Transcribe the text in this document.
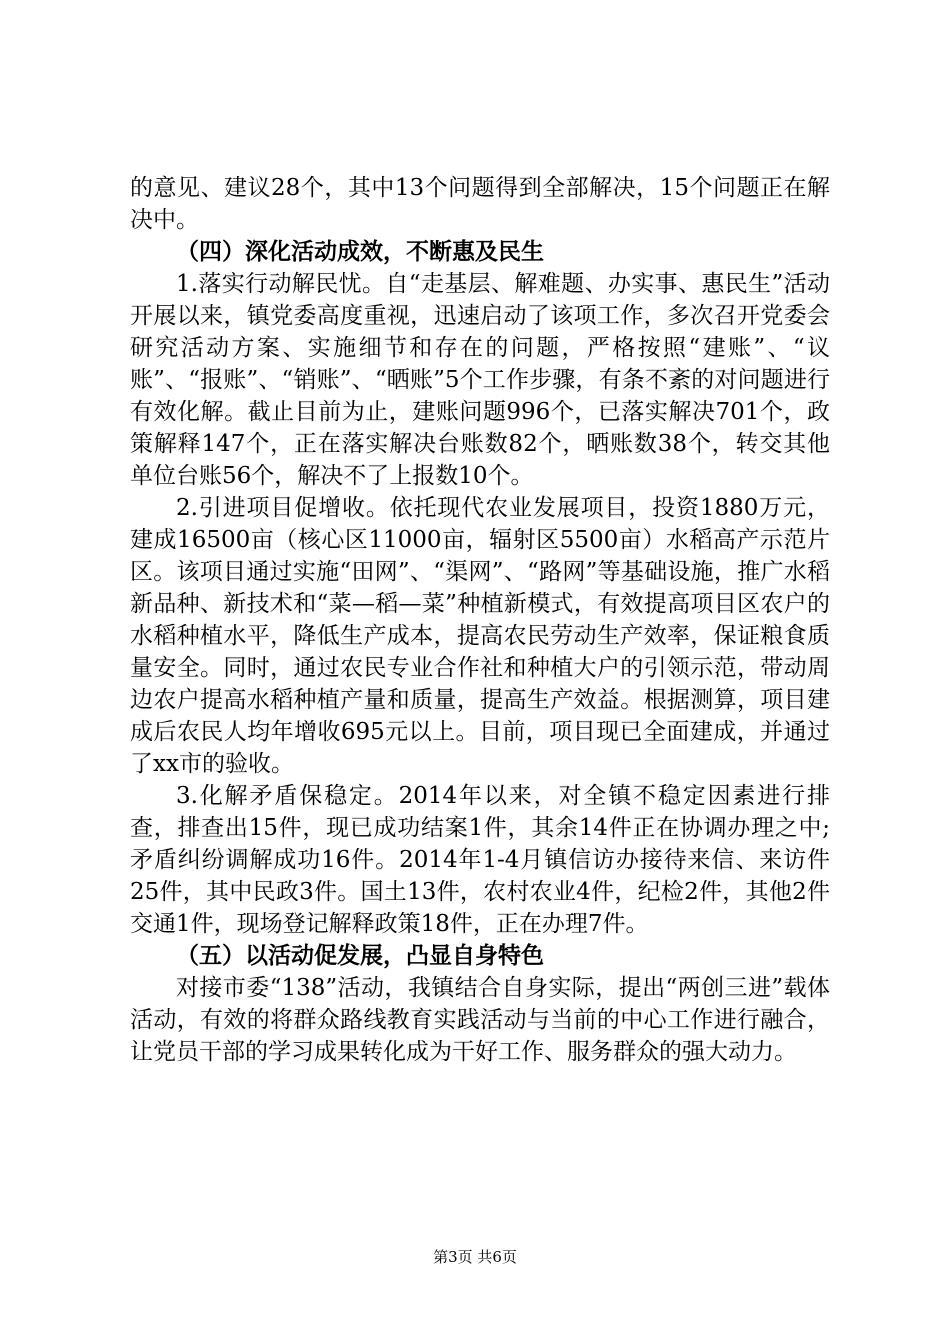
的意见、建议28个，其中13个问题得到全部解决，15个问题正在解决中。

（四）深化活动成效，不断惠及民生

1.落实行动解民忧。自“走基层、解难题、办实事、惠民生”活动开展以来，镇党委高度重视，迅速启动了该项工作，多次召开党委会研究活动方案、实施细节和存在的问题，严格按照“建账”、“议账”、“报账”、“销账”、“晒账”5个工作步骤，有条不紊的对问题进行有效化解。截止目前为止，建账问题996个，已落实解决701个，政策解释147个，正在落实解决台账数82个，晒账数38个，转交其他单位台账56个，解决不了上报数10个。

2.引进项目促增收。依托现代农业发展项目，投资1880万元，建成16500亩（核心区11000亩，辐射区5500亩）水稻高产示范片区。该项目通过实施“田网”、“渠网”、“路网”等基础设施，推广水稻新品种、新技术和“菜—稻—菜”种植新模式，有效提高项目区农户的水稻种植水平，降低生产成本，提高农民劳动生产效率，保证粮食质量安全。同时，通过农民专业合作社和种植大户的引领示范，带动周边农户提高水稻种植产量和质量，提高生产效益。根据测算，项目建成后农民人均年增收695元以上。目前，项目现已全面建成，并通过了xx市的验收。

3.化解矛盾保稳定。2014年以来，对全镇不稳定因素进行排查，排查出15件，现已成功结案1件，其余14件正在协调办理之中;矛盾纠纷调解成功16件。2014年1-4月镇信访办接待来信、来访件25件，其中民政3件。国土13件，农村农业4件，纪检2件，其他2件交通1件，现场登记解释政策18件，正在办理7件。

（五）以活动促发展，凸显自身特色

对接市委“138”活动，我镇结合自身实际，提出“两创三进”载体活动，有效的将群众路线教育实践活动与当前的中心工作进行融合，让党员干部的学习成果转化成为干好工作、服务群众的强大动力。

第3页 共6页
